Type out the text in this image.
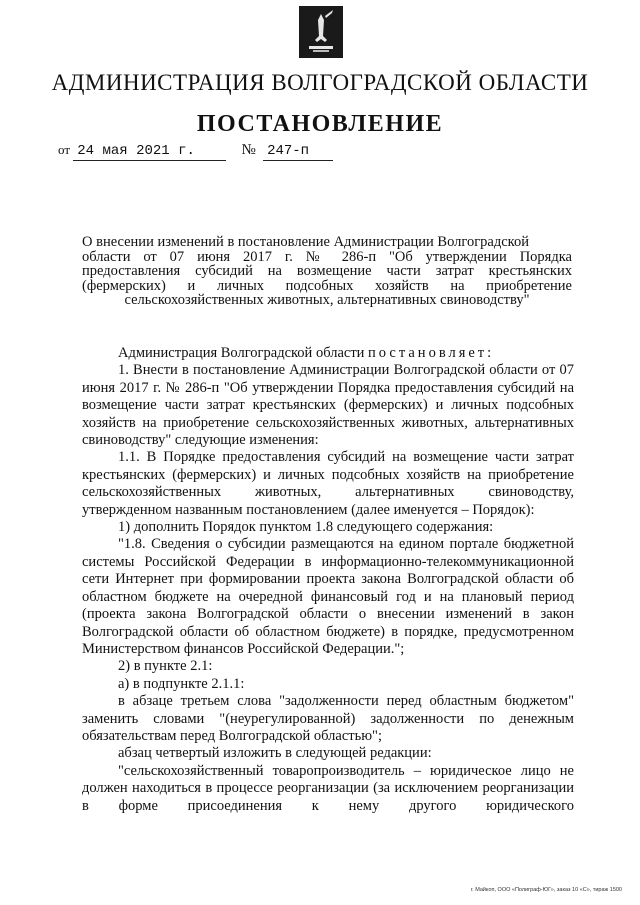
АДМИНИСТРАЦИЯ ВОЛГОГРАДСКОЙ ОБЛАСТИ
ПОСТАНОВЛЕНИЕ
от 24 мая 2021 г.	№ 247-п
О внесении изменений в постановление Администрации Волгоградской
области от 07 июня 2017 г. № 286-п "Об утверждении Порядка
предоставления субсидий на возмещение части затрат крестьянских
(фермерских) и личных подсобных хозяйств на приобретение
сельскохозяйственных животных, альтернативных свиноводству"

Администрация Волгоградской области постановляет:

1. Внести в постановление Администрации Волгоградской области от 07 июня 2017 г. № 286-п "Об утверждении Порядка предоставления субсидий на возмещение части затрат крестьянских (фермерских) и личных подсобных хозяйств на приобретение сельскохозяйственных животных, альтернативных свиноводству" следующие изменения:

1.1. В Порядке предоставления субсидий на возмещение части затрат крестьянских (фермерских) и личных подсобных хозяйств на приобретение сельскохозяйственных животных, альтернативных свиноводству, утвержденном названным постановлением (далее именуется – Порядок):

1) дополнить Порядок пунктом 1.8 следующего содержания:

"1.8. Сведения о субсидии размещаются на едином портале бюджетной системы Российской Федерации в информационно-телекоммуникационной сети Интернет при формировании проекта закона Волгоградской области об областном бюджете на очередной финансовый год и на плановый период (проекта закона Волгоградской области о внесении изменений в закон Волгоградской области об областном бюджете) в порядке, предусмотренном Министерством финансов Российской Федерации.";

2) в пункте 2.1:

а) в подпункте 2.1.1:

в абзаце третьем слова "задолженности перед областным бюджетом" заменить словами "(неурегулированной) задолженности по денежным обязательствам перед Волгоградской областью";

абзац четвертый изложить в следующей редакции:

"сельскохозяйственный товаропроизводитель – юридическое лицо не должен находиться в процессе реорганизации (за исключением реорганизации в форме присоединения к нему другого юридического

г. Майкоп, ООО «Полиграф-ЮГ», заказ 10 «С», тираж 1500
